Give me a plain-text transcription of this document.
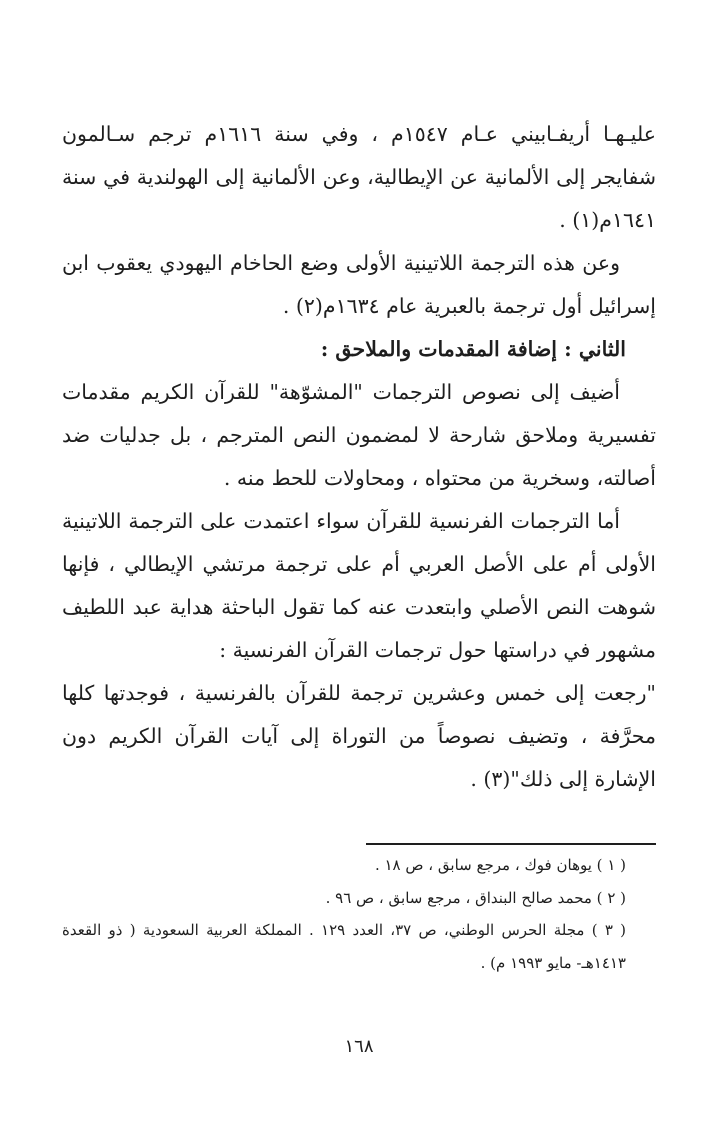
عليـهـا أريفـابيني عـام ١٥٤٧م ، وفي سنة ١٦١٦م ترجم سـالمون شفايجر إلى الألمانية عن الإيطالية، وعن الألمانية إلى الهولندية في سنة ١٦٤١م(١) .

وعن هذه الترجمة اللاتينية الأولى وضع الحاخام اليهودي يعقوب ابن إسرائيل أول ترجمة بالعبرية عام ١٦٣٤م(٢) .

الثاني : إضافة المقدمات والملاحق :

أضيف إلى نصوص الترجمات "المشوّهة" للقرآن الكريم مقدمات تفسيرية وملاحق شارحة لا لمضمون النص المترجم ، بل جدليات ضد أصالته، وسخرية من محتواه ، ومحاولات للحط منه .

أما الترجمات الفرنسية للقرآن سواء اعتمدت على الترجمة اللاتينية الأولى أم على الأصل العربي أم على ترجمة مرتشي الإيطالي ، فإنها شوهت النص الأصلي وابتعدت عنه كما تقول الباحثة هداية عبد اللطيف مشهور في دراستها حول ترجمات القرآن الفرنسية :

"رجعت إلى خمس وعشرين ترجمة للقرآن بالفرنسية ، فوجدتها كلها محرَّفة ، وتضيف نصوصاً من التوراة إلى آيات القرآن الكريم دون الإشارة إلى ذلك"(٣) .

( ١ ) يوهان فوك ، مرجع سابق ، ص ١٨ .

( ٢ ) محمد صالح البنداق ، مرجع سابق ، ص ٩٦ .

( ٣ ) مجلة الحرس الوطني، ص ٣٧، العدد ١٢٩ . المملكة العربية السعودية ( ذو القعدة ١٤١٣هـ- مايو ١٩٩٣ م) .

١٦٨
